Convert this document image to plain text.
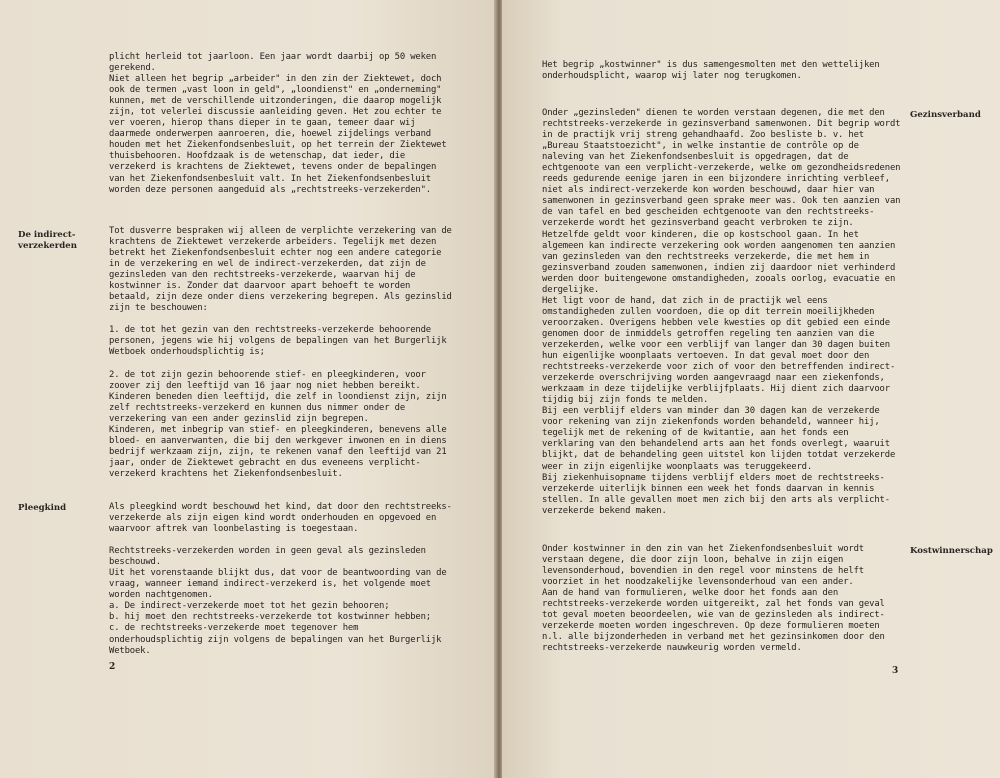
plicht herleid tot jaarloon. Een jaar wordt daarbij op 50 weken gerekend.

Niet alleen het begrip „arbeider" in den zin der Ziektewet, doch ook de termen „vast loon in geld", „loondienst" en „onderneming" kunnen, met de verschillende uitzonderingen, die daarop mogelijk zijn, tot velerlei discussie aanleiding geven. Het zou echter te ver voeren, hierop thans dieper in te gaan, temeer daar wij daarmede onderwerpen aanroeren, die, hoewel zijdelings verband houden met het Ziekenfondsenbesluit, op het terrein der Ziektewet thuisbehooren. Hoofdzaak is de wetenschap, dat ieder, die verzekerd is krachtens de Ziektewet, tevens onder de bepalingen van het Ziekenfondsenbesluit valt. In het Ziekenfondsenbesluit worden deze personen aangeduid als „rechtstreeks-verzekerden".

De indirect-verzekerden

Tot dusverre bespraken wij alleen de verplichte verzekering van de krachtens de Ziektewet verzekerde arbeiders. Tegelijk met dezen betrekt het Ziekenfondsenbesluit echter nog een andere categorie in de verzekering en wel de indirect-verzekerden, dat zijn de gezinsleden van den rechtstreeks-verzekerde, waarvan hij de kostwinner is. Zonder dat daarvoor apart behoeft te worden betaald, zijn deze onder diens verzekering begrepen. Als gezinslid zijn te beschouwen:

1. de tot het gezin van den rechtstreeks-verzekerde behoorende personen, jegens wie hij volgens de bepalingen van het Burgerlijk Wetboek onderhoudsplichtig is;

2. de tot zijn gezin behoorende stief- en pleegkinderen, voor zoover zij den leeftijd van 16 jaar nog niet hebben bereikt. Kinderen beneden dien leeftijd, die zelf in loondienst zijn, zijn zelf rechtstreeks-verzekerd en kunnen dus nimmer onder de verzekering van een ander gezinslid zijn begrepen.

Kinderen, met inbegrip van stief- en pleegkinderen, benevens alle bloed- en aanverwanten, die bij den werkgever inwonen en in diens bedrijf werkzaam zijn, zijn, te rekenen vanaf den leeftijd van 21 jaar, onder de Ziektewet gebracht en dus eveneens verplicht-verzekerd krachtens het Ziekenfondsenbesluit.

Pleegkind	Als pleegkind wordt beschouwd het kind, dat door den rechtstreeks-verzekerde als zijn eigen kind wordt onderhouden en opgevoed en waarvoor aftrek van loonbelasting is toegestaan.

Rechtstreeks-verzekerden worden in geen geval als gezinsleden beschouwd.

Uit het vorenstaande blijkt dus, dat voor de beantwoording van de vraag, wanneer iemand indirect-verzekerd is, het volgende moet worden nachtgenomen.

a. De indirect-verzekerde moet tot het gezin behooren;

b. hij moet den rechtstreeks-verzekerde tot kostwinner hebben;

c. de rechtstreeks-verzekerde moet tegenover hem onderhoudsplichtig zijn volgens de bepalingen van het Burgerlijk Wetboek.

2

Het begrip „kostwinner" is dus samengesmolten met den wettelijken onderhoudsplicht, waarop wij later nog terugkomen.

Gezinsverband

Onder „gezinsleden" dienen te worden verstaan degenen, die met den rechtstreeks-verzekerde in gezinsverband samenwonen. Dit begrip wordt in de practijk vrij streng gehandhaafd. Zoo besliste b. v. het „Bureau Staatstoezicht", in welke instantie de contrôle op de naleving van het Ziekenfondsenbesluit is opgedragen, dat de echtgenoote van een verplicht-verzekerde, welke om gezondheidsredenen reeds gedurende eenige jaren in een bijzondere inrichting verbleef, niet als indirect-verzekerde kon worden beschouwd, daar hier van samenwonen in gezinsverband geen sprake meer was. Ook ten aanzien van de van tafel en bed gescheiden echtgenoote van den rechtstreeks-verzekerde wordt het gezinsverband geacht verbroken te zijn. Hetzelfde geldt voor kinderen, die op kostschool gaan. In het algemeen kan indirecte verzekering ook worden aangenomen ten aanzien van gezinsleden van den rechtstreeks verzekerde, die met hem in gezinsverband zouden samenwonen, indien zij daardoor niet verhinderd werden door buitengewone omstandigheden, zooals oorlog, evacuatie en dergelijke.

Het ligt voor de hand, dat zich in de practijk wel eens omstandigheden zullen voordoen, die op dit terrein moeilijkheden veroorzaken. Overigens hebben vele kwesties op dit gebied een einde genomen door de inmiddels getroffen regeling ten aanzien van die verzekerden, welke voor een verblijf van langer dan 30 dagen buiten hun eigenlijke woonplaats vertoeven. In dat geval moet door den rechtstreeks-verzekerde voor zich of voor den betreffenden indirect-verzekerde overschrijving worden aangevraagd naar een ziekenfonds, werkzaam in deze tijdelijke verblijfplaats. Hij dient zich daarvoor tijdig bij zijn fonds te melden.

Bij een verblijf elders van minder dan 30 dagen kan de verzekerde voor rekening van zijn ziekenfonds worden behandeld, wanneer hij, tegelijk met de rekening of de kwitantie, aan het fonds een verklaring van den behandelend arts aan het fonds overlegt, waaruit blijkt, dat de behandeling geen uitstel kon lijden totdat verzekerde weer in zijn eigenlijke woonplaats was teruggekeerd.

Bij ziekenhuisopname tijdens verblijf elders moet de rechtstreeks-verzekerde uiterlijk binnen een week het fonds daarvan in kennis stellen. In alle gevallen moet men zich bij den arts als verplicht-verzekerde bekend maken.

Kostwinnerschap

Onder kostwinner in den zin van het Ziekenfondsenbesluit wordt verstaan degene, die door zijn loon, behalve in zijn eigen levensonderhoud, bovendien in den regel voor minstens de helft voorziet in het noodzakelijke levensonderhoud van een ander.

Aan de hand van formulieren, welke door het fonds aan den rechtstreeks-verzekerde worden uitgereikt, zal het fonds van geval tot geval moeten beoordeelen, wie van de gezinsleden als indirect-verzekerde moeten worden ingeschreven. Op deze formulieren moeten n.l. alle bijzonderheden in verband met het gezinsinkomen door den rechtstreeks-verzekerde nauwkeurig worden vermeld.

3
